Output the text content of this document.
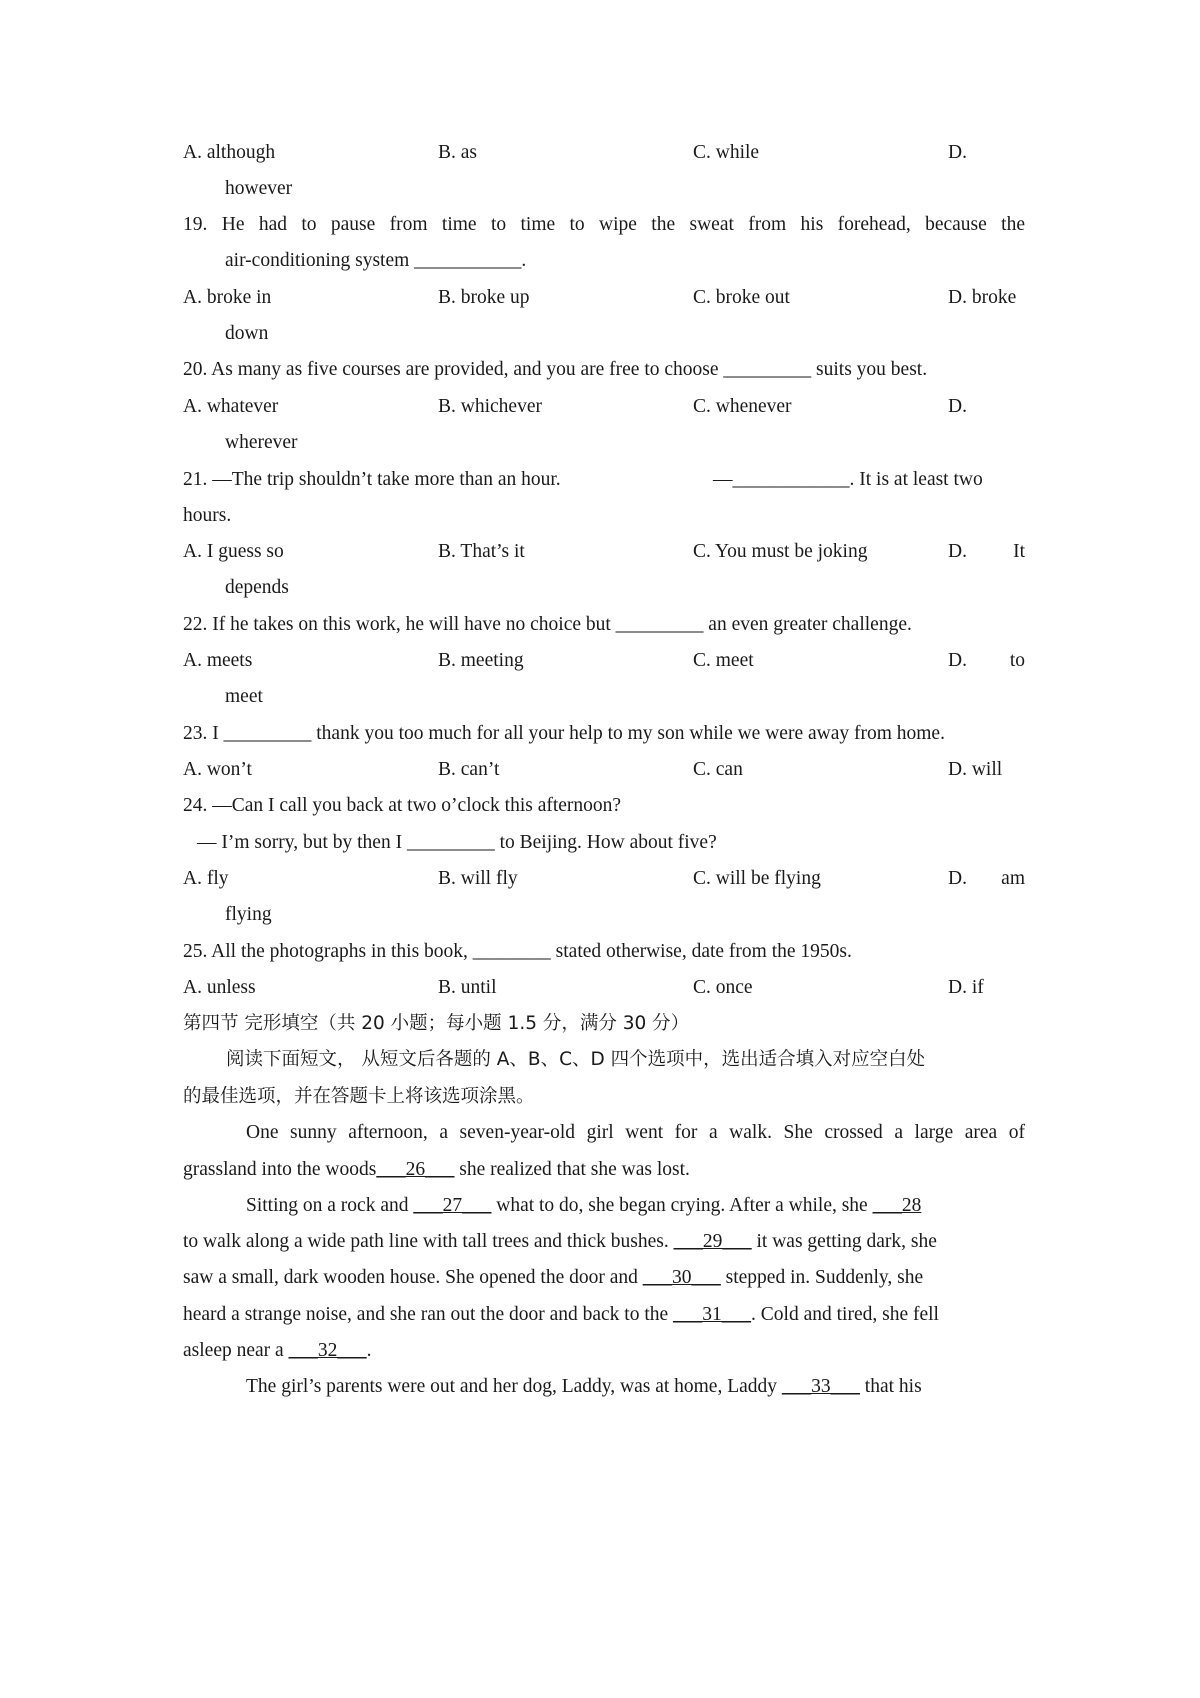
A. although	B. as	C. while	D.
however
19. He had to pause from time to time to wipe the sweat from his forehead, because the
air-conditioning system ___________.
A. broke in	B. broke up	C. broke out	D. broke
down
20. As many as five courses are provided, and you are free to choose _________ suits you best.
A. whatever	B. whichever	C. whenever	D.
wherever
21. —The trip shouldn’t take more than an hour.	—____________. It is at least two
hours.
A. I guess so	B. That’s it	C. You must be joking	D. It
depends
22. If he takes on this work, he will have no choice but _________ an even greater challenge.
A. meets	B. meeting	C. meet	D. to
meet
23. I _________ thank you too much for all your help to my son while we were away from home.
A. won’t	B. can’t	C. can	D. will
24. —Can I call you back at two o’clock this afternoon?
— I’m sorry, but by then I _________ to Beijing. How about five?
A. fly	B. will fly	C. will be flying	D. am
flying
25. All the photographs in this book, ________ stated otherwise, date from the 1950s.
A. unless	B. until	C. once	D. if
第四节 完形填空（共 20 小题；每小题 1.5 分，满分 30 分）
阅读下面短文， 从短文后各题的 A、B、C、D 四个选项中，选出适合填入对应空白处
的最佳选项，并在答题卡上将该选项涂黑。
One sunny afternoon, a seven-year-old girl went for a walk. She crossed a large area of
grassland into the woods___26___ she realized that she was lost.
Sitting on a rock and ___27___ what to do, she began crying. After a while, she ___28
to walk along a wide path line with tall trees and thick bushes. ___29___ it was getting dark, she
saw a small, dark wooden house. She opened the door and ___30___ stepped in. Suddenly, she
heard a strange noise, and she ran out the door and back to the ___31___. Cold and tired, she fell
asleep near a ___32___.
The girl’s parents were out and her dog, Laddy, was at home, Laddy ___33___ that his
